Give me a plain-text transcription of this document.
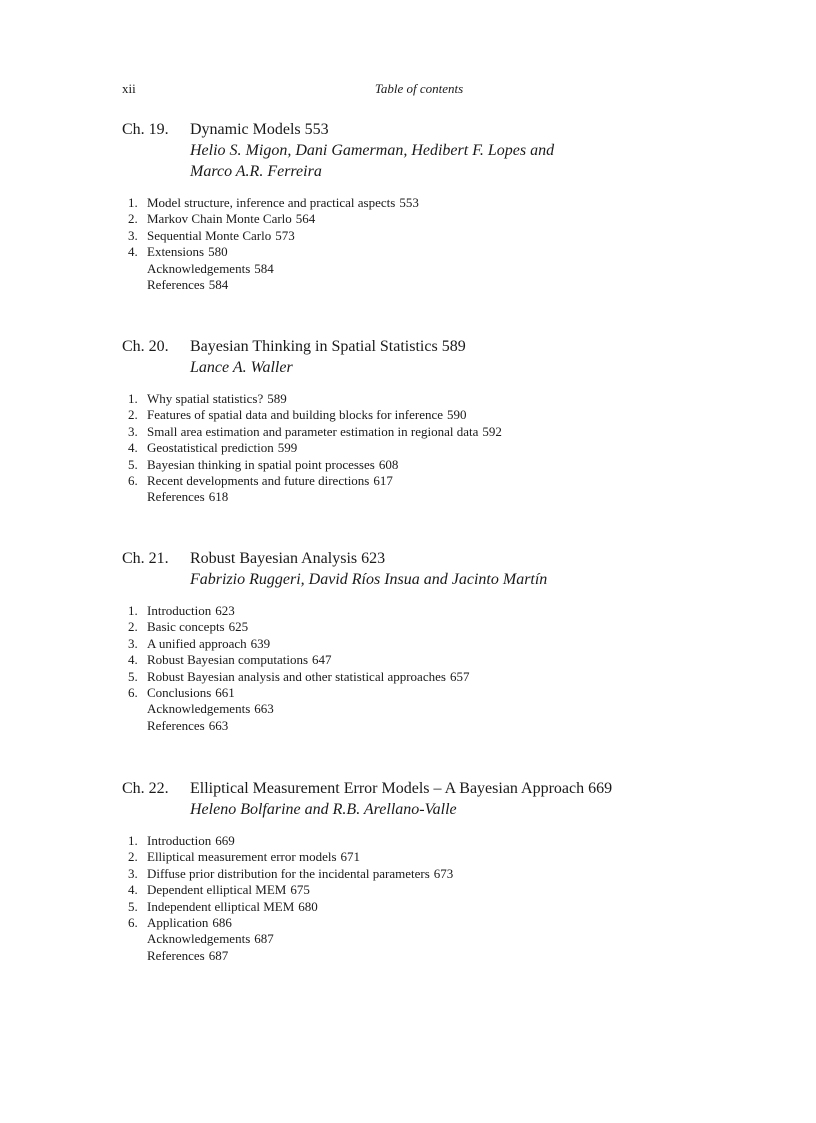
xii	Table of contents
Ch. 19. Dynamic Models 553
Helio S. Migon, Dani Gamerman, Hedibert F. Lopes and
Marco A.R. Ferreira
1. Model structure, inference and practical aspects 553
2. Markov Chain Monte Carlo 564
3. Sequential Monte Carlo 573
4. Extensions 580
Acknowledgements 584
References 584
Ch. 20. Bayesian Thinking in Spatial Statistics 589
Lance A. Waller
1. Why spatial statistics? 589
2. Features of spatial data and building blocks for inference 590
3. Small area estimation and parameter estimation in regional data 592
4. Geostatistical prediction 599
5. Bayesian thinking in spatial point processes 608
6. Recent developments and future directions 617
References 618
Ch. 21. Robust Bayesian Analysis 623
Fabrizio Ruggeri, David Ríos Insua and Jacinto Martín
1. Introduction 623
2. Basic concepts 625
3. A unified approach 639
4. Robust Bayesian computations 647
5. Robust Bayesian analysis and other statistical approaches 657
6. Conclusions 661
Acknowledgements 663
References 663
Ch. 22. Elliptical Measurement Error Models – A Bayesian Approach 669
Heleno Bolfarine and R.B. Arellano-Valle
1. Introduction 669
2. Elliptical measurement error models 671
3. Diffuse prior distribution for the incidental parameters 673
4. Dependent elliptical MEM 675
5. Independent elliptical MEM 680
6. Application 686
Acknowledgements 687
References 687
